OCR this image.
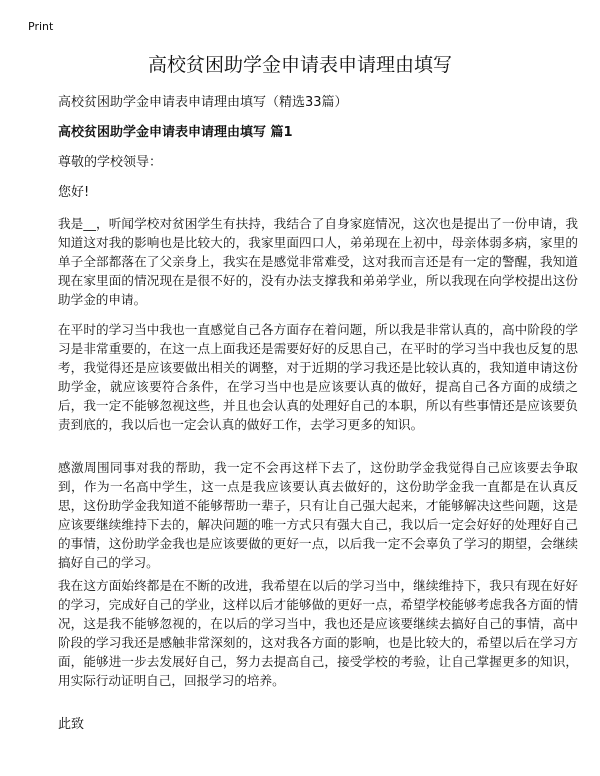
Print
高校贫困助学金申请表申请理由填写

高校贫困助学金申请表申请理由填写（精选33篇）

高校贫困助学金申请表申请理由填写 篇1

尊敬的学校领导：

您好!

我是__，听闻学校对贫困学生有扶持，我结合了自身家庭情况，这次也是提出了一份申请，我知道这对我的影响也是比较大的，我家里面四口人，弟弟现在上初中，母亲体弱多病，家里的单子全部都落在了父亲身上，我实在是感觉非常难受，这对我而言还是有一定的警醒，我知道现在家里面的情况现在是很不好的，没有办法支撑我和弟弟学业，所以我现在向学校提出这份助学金的申请。

在平时的学习当中我也一直感觉自己各方面存在着问题，所以我是非常认真的，高中阶段的学习是非常重要的，在这一点上面我还是需要好好的反思自己，在平时的学习当中我也反复的思考，我觉得还是应该要做出相关的调整，对于近期的学习我还是比较认真的，我知道申请这份助学金，就应该要符合条件，在学习当中也是应该要认真的做好，提高自己各方面的成绩之后，我一定不能够忽视这些，并且也会认真的处理好自己的本职，所以有些事情还是应该要负责到底的，我以后也一定会认真的做好工作，去学习更多的知识。

感激周围同事对我的帮助，我一定不会再这样下去了，这份助学金我觉得自己应该要去争取到，作为一名高中学生，这一点是我应该要认真去做好的，这份助学金我一直都是在认真反思，这份助学金我知道不能够帮助一辈子，只有让自己强大起来，才能够解决这些问题，这是应该要继续维持下去的，解决问题的唯一方式只有强大自己，我以后一定会好好的处理好自己的事情，这份助学金我也是应该要做的更好一点，以后我一定不会辜负了学习的期望，会继续搞好自己的学习。

我在这方面始终都是在不断的改进，我希望在以后的学习当中，继续维持下，我只有现在好好的学习，完成好自己的学业，这样以后才能够做的更好一点，希望学校能够考虑我各方面的情况，这是我不能够忽视的，在以后的学习当中，我也还是应该要继续去搞好自己的事情，高中阶段的学习我还是感触非常深刻的，这对我各方面的影响，也是比较大的，希望以后在学习方面，能够进一步去发展好自己，努力去提高自己，接受学校的考验，让自己掌握更多的知识，用实际行动证明自己，回报学习的培养。

此致
